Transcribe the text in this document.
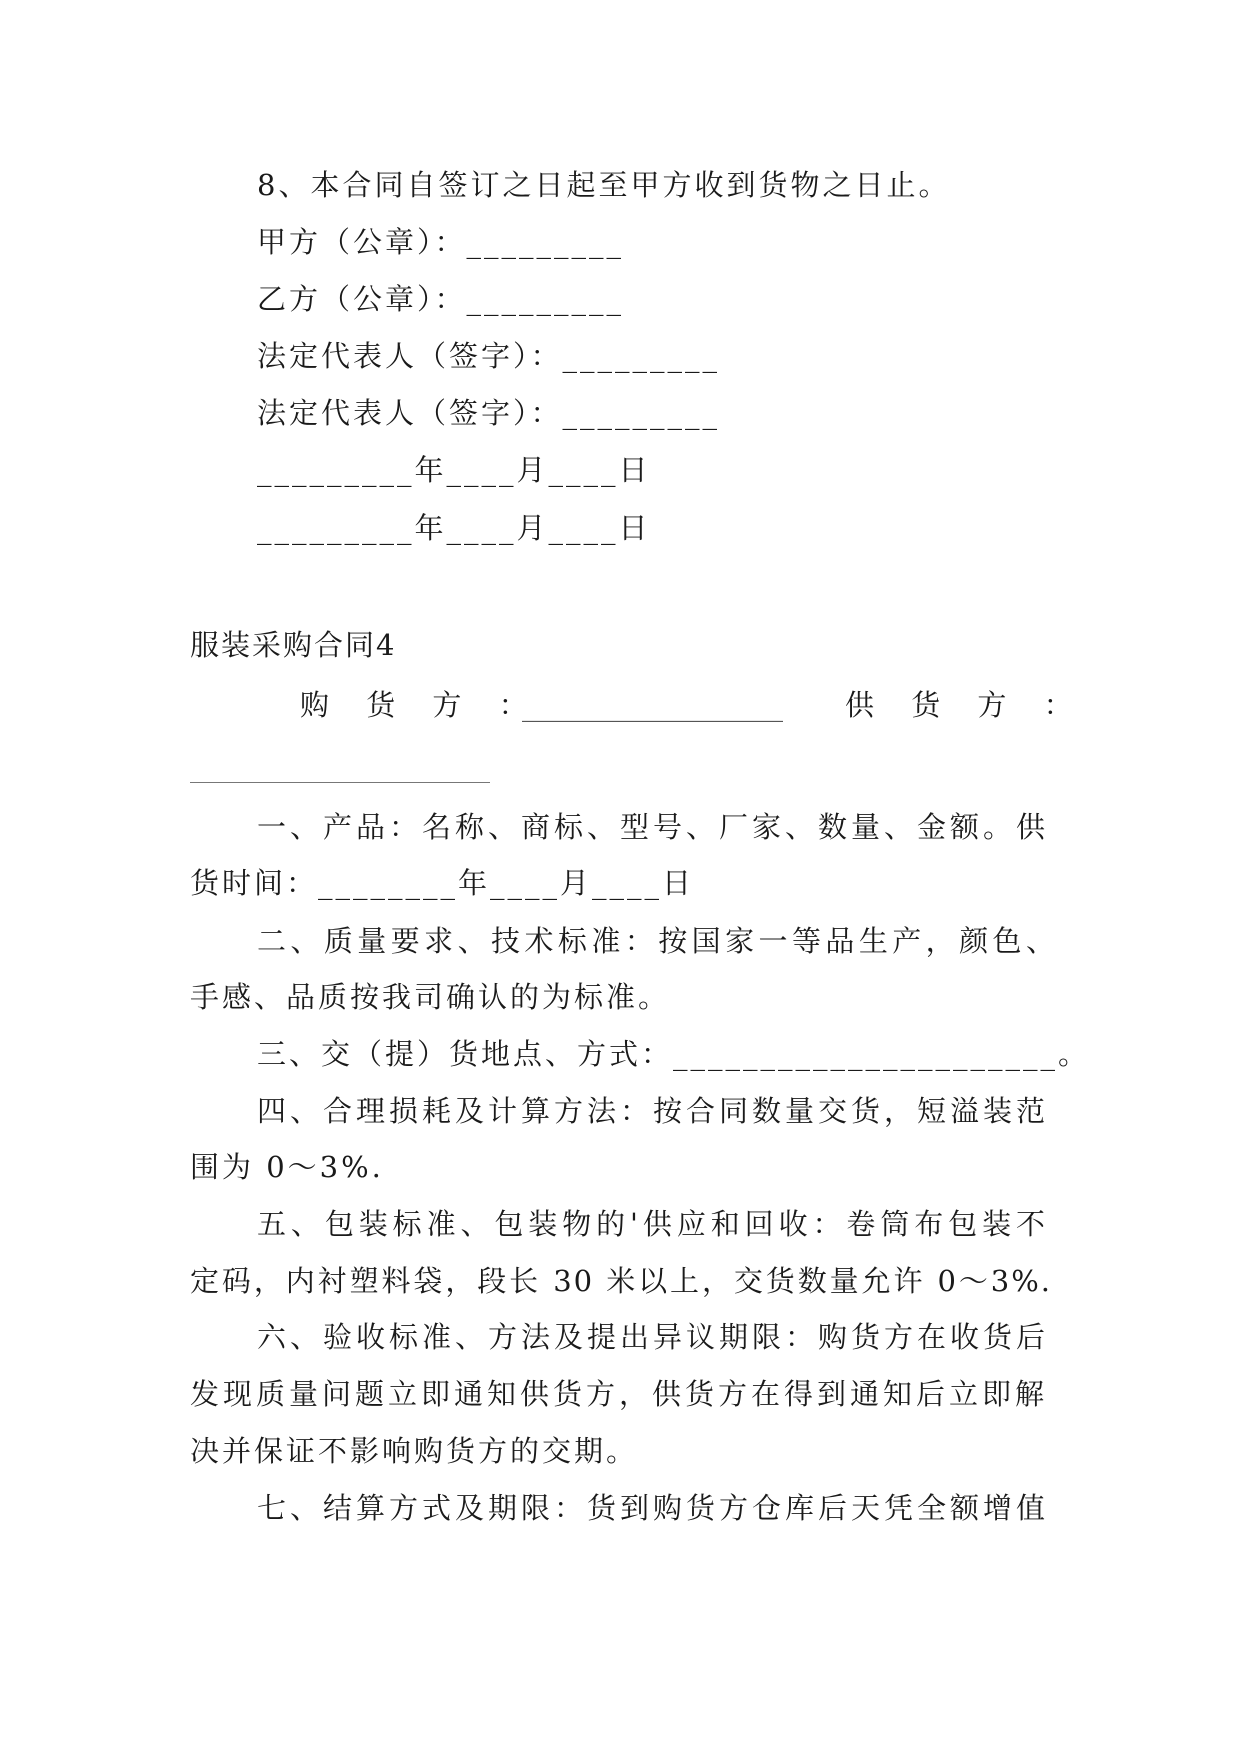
8、本合同自签订之日起至甲方收到货物之日止。
甲方（公章）：_________
乙方（公章）：_________
法定代表人（签字）：_________
法定代表人（签字）：_________
_________年____月____日
_________年____月____日
服装采购合同4
购 货 方 ：
__________________ 供 货 方 ：
一、产品：名称、商标、型号、厂家、数量、金额。供
货时间：________年____月____日
二、质量要求、技术标准：按国家一等品生产，颜色、
手感、品质按我司确认的为标准。
三、交（提）货地点、方式：______________________。
四、合理损耗及计算方法：按合同数量交货，短溢装范
围为 0～3%.
五、包装标准、包装物的'供应和回收：卷筒布包装不
定码，内衬塑料袋，段长 30 米以上，交货数量允许 0～3%.
六、验收标准、方法及提出异议期限：购货方在收货后
发现质量问题立即通知供货方，供货方在得到通知后立即解
决并保证不影响购货方的交期。
七、结算方式及期限：货到购货方仓库后天凭全额增值
